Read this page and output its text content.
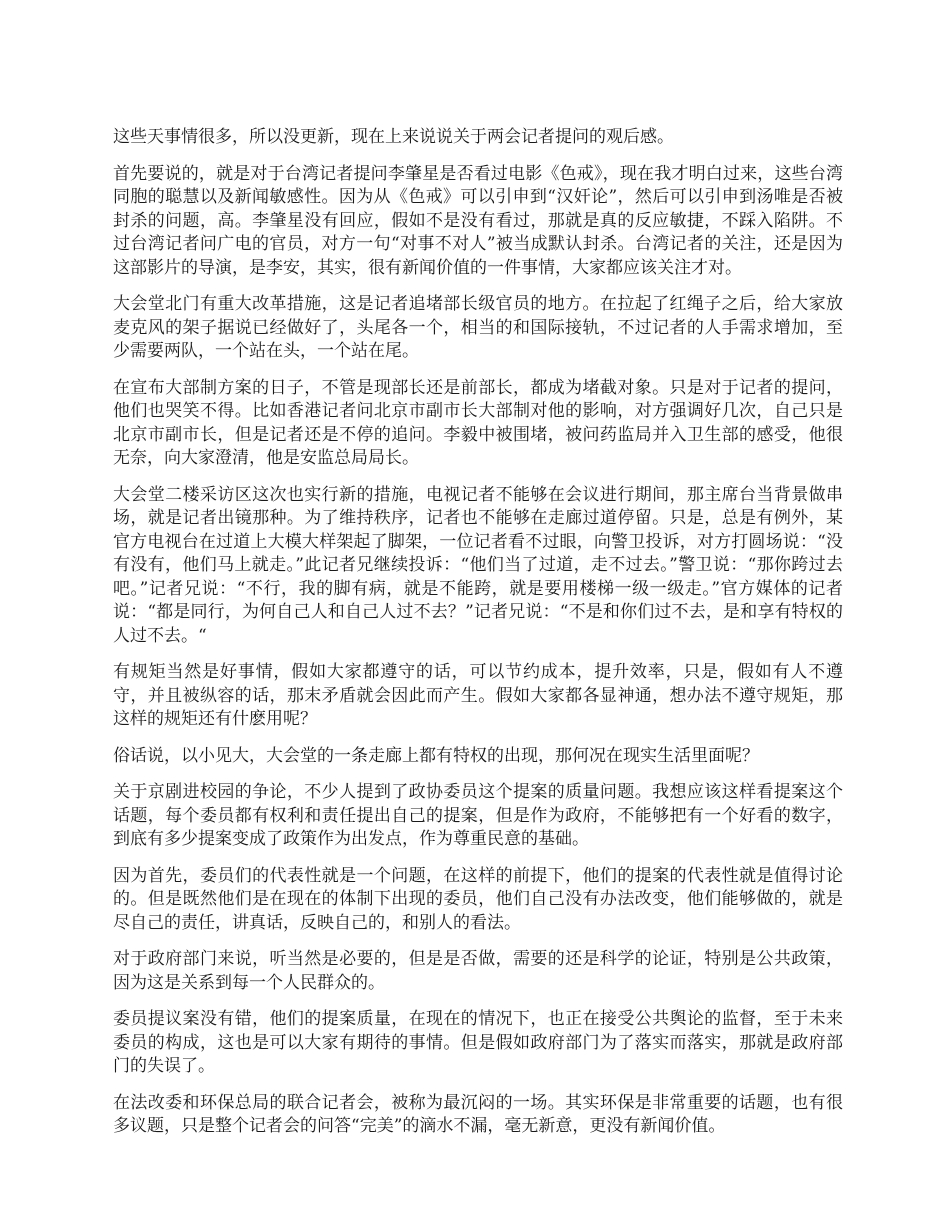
这些天事情很多，所以没更新，现在上来说说关于两会记者提问的观后感。

首先要说的，就是对于台湾记者提问李肇星是否看过电影《色戒》，现在我才明白过来，这些台湾同胞的聪慧以及新闻敏感性。因为从《色戒》可以引申到“汉奸论”，然后可以引申到汤唯是否被封杀的问题，高。李肇星没有回应，假如不是没有看过，那就是真的反应敏捷，不踩入陷阱。不过台湾记者问广电的官员，对方一句“对事不对人”被当成默认封杀。台湾记者的关注，还是因为这部影片的导演，是李安，其实，很有新闻价值的一件事情，大家都应该关注才对。

大会堂北门有重大改革措施，这是记者追堵部长级官员的地方。在拉起了红绳子之后，给大家放麦克风的架子据说已经做好了，头尾各一个，相当的和国际接轨，不过记者的人手需求增加，至少需要两队，一个站在头，一个站在尾。

在宣布大部制方案的日子，不管是现部长还是前部长，都成为堵截对象。只是对于记者的提问，他们也哭笑不得。比如香港记者问北京市副市长大部制对他的影响，对方强调好几次，自己只是北京市副市长，但是记者还是不停的追问。李毅中被围堵，被问药监局并入卫生部的感受，他很无奈，向大家澄清，他是安监总局局长。

大会堂二楼采访区这次也实行新的措施，电视记者不能够在会议进行期间，那主席台当背景做串场，就是记者出镜那种。为了维持秩序，记者也不能够在走廊过道停留。只是，总是有例外，某官方电视台在过道上大模大样架起了脚架，一位记者看不过眼，向警卫投诉，对方打圆场说：“没有没有，他们马上就走。”此记者兄继续投诉：“他们当了过道，走不过去。”警卫说：“那你跨过去吧。”记者兄说：“不行，我的脚有病，就是不能跨，就是要用楼梯一级一级走。”官方媒体的记者说：“都是同行，为何自己人和自己人过不去？”记者兄说：“不是和你们过不去，是和享有特权的人过不去。“

有规矩当然是好事情，假如大家都遵守的话，可以节约成本，提升效率，只是，假如有人不遵守，并且被纵容的话，那末矛盾就会因此而产生。假如大家都各显神通，想办法不遵守规矩，那这样的规矩还有什麽用呢？

俗话说，以小见大，大会堂的一条走廊上都有特权的出现，那何况在现实生活里面呢？

关于京剧进校园的争论，不少人提到了政协委员这个提案的质量问题。我想应该这样看提案这个话题，每个委员都有权利和责任提出自己的提案，但是作为政府，不能够把有一个好看的数字，到底有多少提案变成了政策作为出发点，作为尊重民意的基础。

因为首先，委员们的代表性就是一个问题，在这样的前提下，他们的提案的代表性就是值得讨论的。但是既然他们是在现在的体制下出现的委员，他们自己没有办法改变，他们能够做的，就是尽自己的责任，讲真话，反映自己的，和别人的看法。

对于政府部门来说，听当然是必要的，但是是否做，需要的还是科学的论证，特别是公共政策，因为这是关系到每一个人民群众的。

委员提议案没有错，他们的提案质量，在现在的情况下，也正在接受公共舆论的监督，至于未来委员的构成，这也是可以大家有期待的事情。但是假如政府部门为了落实而落实，那就是政府部门的失误了。

在法改委和环保总局的联合记者会，被称为最沉闷的一场。其实环保是非常重要的话题，也有很多议题，只是整个记者会的问答“完美”的滴水不漏，毫无新意，更没有新闻价值。
